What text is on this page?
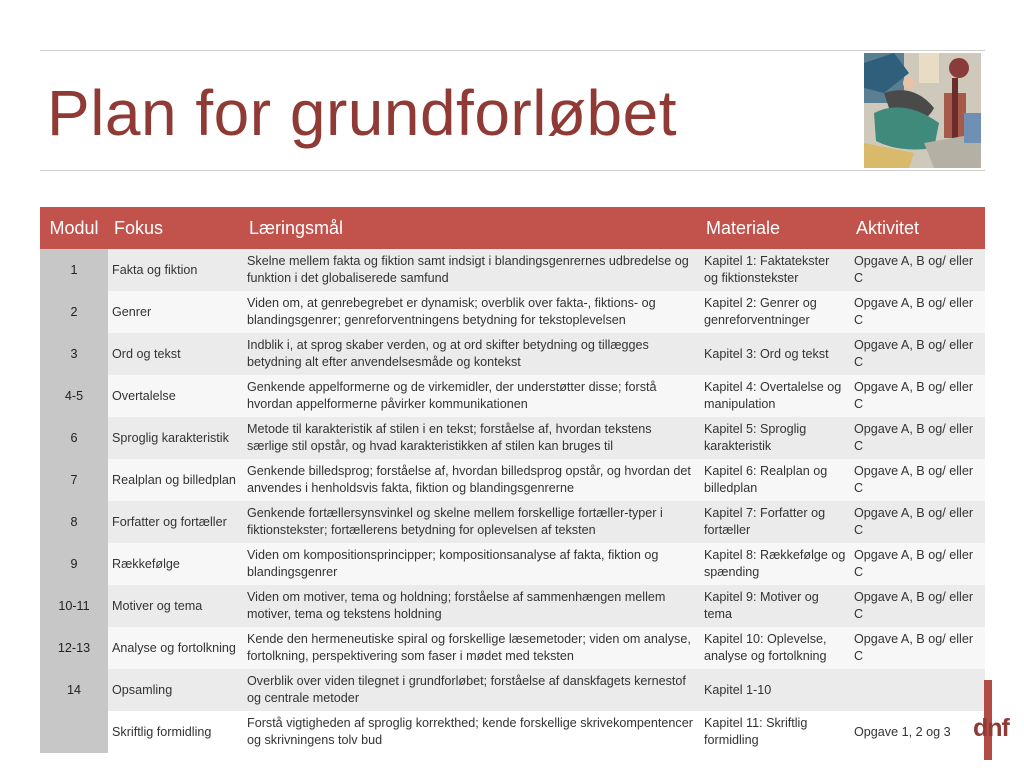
Plan for grundforløbet
Modul	Fokus	Læringsmål	Materiale	Aktivitet
1	Fakta og fiktion	Skelne mellem fakta og fiktion samt indsigt i blandingsgenrernes udbredelse og funktion i det globaliserede samfund	Kapitel 1: Faktatekster og fiktionstekster	Opgave A, B og/ eller C
2	Genrer	Viden om, at genrebegrebet er dynamisk; overblik over fakta-, fiktions- og blandingsgenrer; genreforventningens betydning for tekstoplevelsen	Kapitel 2: Genrer og genreforventninger	Opgave A, B og/ eller C
3	Ord og tekst	Indblik i, at sprog skaber verden, og at ord skifter betydning og tillægges betydning alt efter anvendelsesmåde og kontekst	Kapitel 3: Ord og tekst	Opgave A, B og/ eller C
4-5	Overtalelse	Genkende appelformerne og de virkemidler, der understøtter disse; forstå hvordan appelformerne påvirker kommunikationen	Kapitel 4: Overtalelse og manipulation	Opgave A, B og/ eller C
6	Sproglig karakteristik	Metode til karakteristik af stilen i en tekst; forståelse af, hvordan tekstens særlige stil opstår, og hvad karakteristikken af stilen kan bruges til	Kapitel 5: Sproglig karakteristik	Opgave A, B og/ eller C
7	Realplan og billedplan	Genkende billedsprog; forståelse af, hvordan billedsprog opstår, og hvordan det anvendes i henholdsvis fakta, fiktion og blandingsgenrerne	Kapitel 6: Realplan og billedplan	Opgave A, B og/ eller C
8	Forfatter og fortæller	Genkende fortællersynsvinkel og skelne mellem forskellige fortæller-typer i fiktionstekster; fortællerens betydning for oplevelsen af teksten	Kapitel 7: Forfatter og fortæller	Opgave A, B og/ eller C
9	Rækkefølge	Viden om kompositionsprincipper; kompositionsanalyse af fakta, fiktion og blandingsgenrer	Kapitel 8: Rækkefølge og spænding	Opgave A, B og/ eller C
10-11	Motiver og tema	Viden om motiver, tema og holdning; forståelse af sammenhængen mellem motiver, tema og tekstens holdning	Kapitel 9: Motiver og tema	Opgave A, B og/ eller C
12-13	Analyse og fortolkning	Kende den hermeneutiske spiral og forskellige læsemetoder; viden om analyse, fortolkning, perspektivering som faser i mødet med teksten	Kapitel 10: Oplevelse, analyse og fortolkning	Opgave A, B og/ eller C
14	Opsamling	Overblik over viden tilegnet i grundforløbet; forståelse af danskfagets kernestof og centrale metoder	Kapitel 1-10	
	Skriftlig formidling	Forstå vigtigheden af sproglig korrekthed; kende forskellige skrivekompentencer og skrivningens tolv bud	Kapitel 11: Skriftlig formidling	Opgave 1, 2 og 3 dnf
